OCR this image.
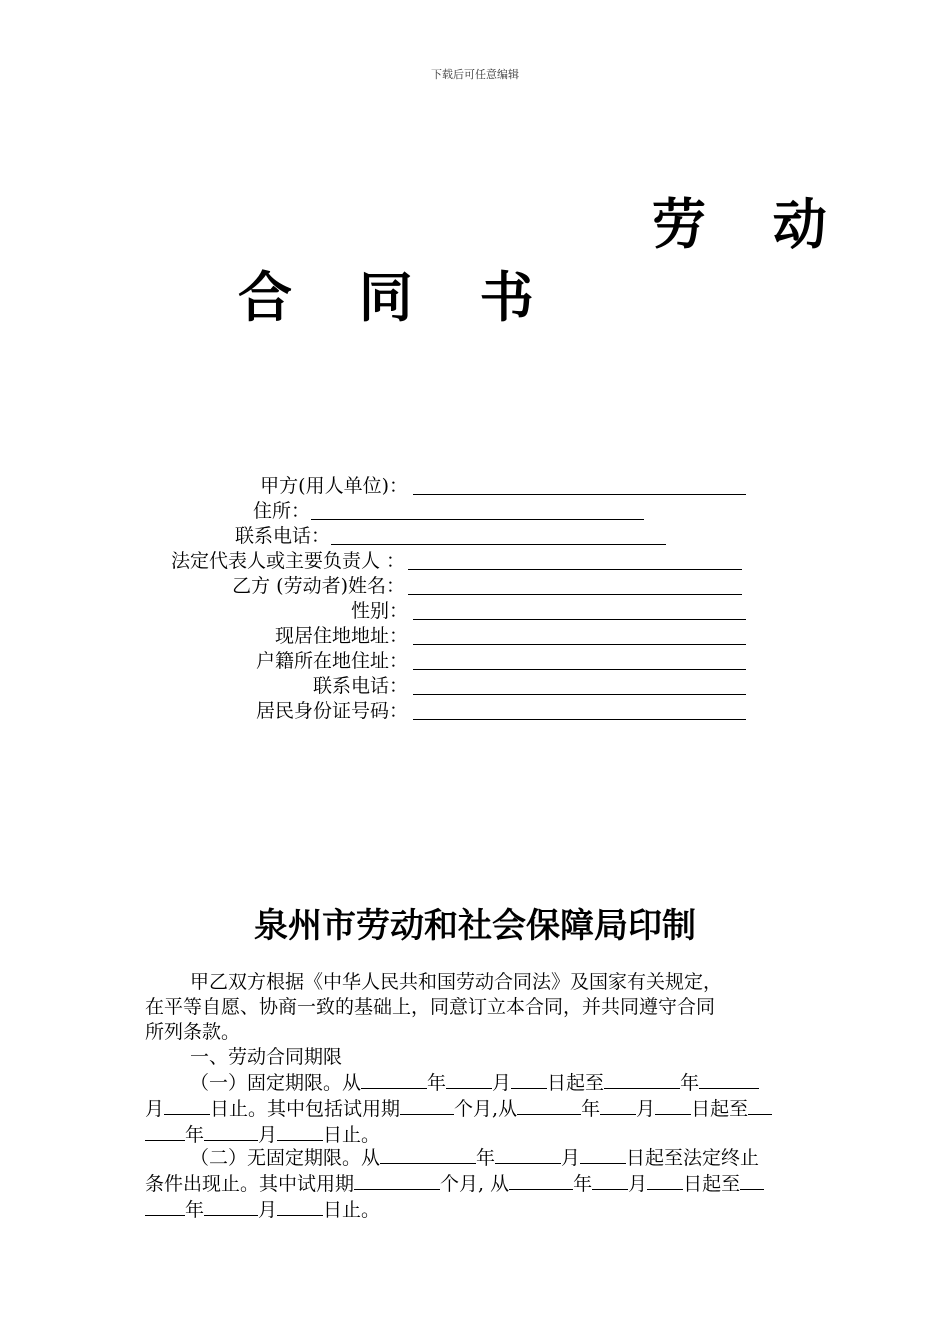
下载后可任意编辑
劳 动
合 同 书
甲方(用人单位)：
住所：
联系电话：
法定代表人或主要负责人 ：
乙方 (劳动者)姓名：
性别：
现居住地地址：
户籍所在地住址：
联系电话：
居民身份证号码：
泉州市劳动和社会保障局印制
甲乙双方根据《中华人民共和国劳动合同法》及国家有关规定，
在平等自愿、协商一致的基础上，同意订立本合同，并共同遵守合同
所列条款。
一、劳动合同期限
（一）固定期限。从	年 月 日起至	年
月 日止。其中包括试用期	个月,从	年 月 日起至
年	月 日止。
（二）无固定期限。从	年	月 日起至法定终止
条件出现止。其中试用期	个月, 从	年 月 日起至
年	月 日止。
